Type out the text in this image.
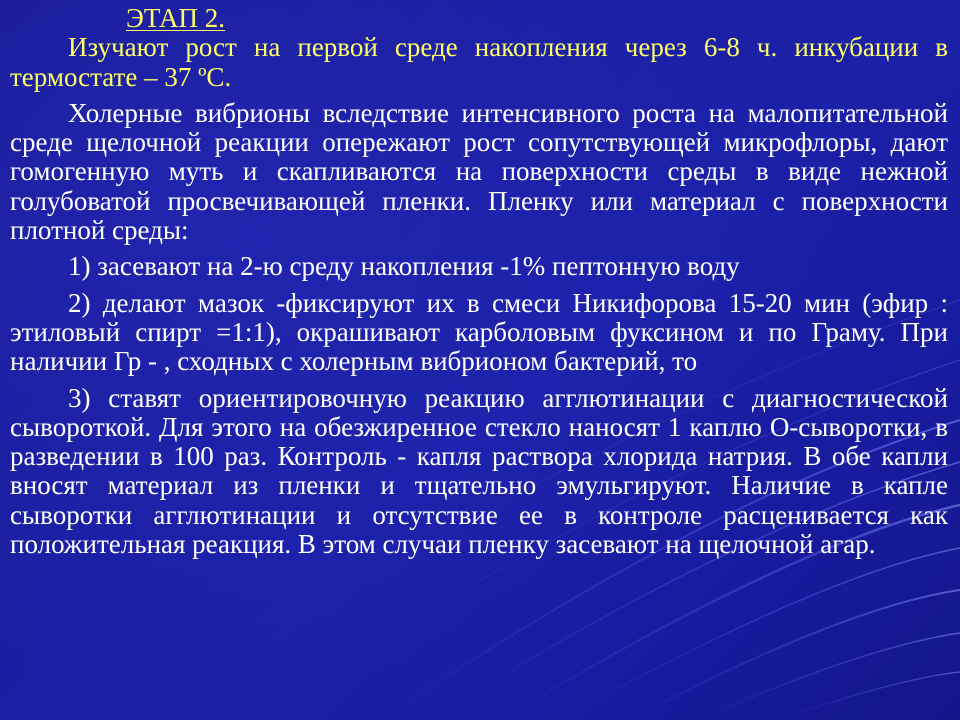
ЭТАП 2.

Изучают рост на первой среде накопления через 6-8 ч. инкубации в термостате – 37 ºС.

Холерные вибрионы вследствие интенсивного роста на малопитательной среде щелочной реакции опережают рост сопутствующей микрофлоры, дают гомогенную муть и скапливаются на поверхности среды в виде нежной голубоватой просвечивающей пленки. Пленку или материал с поверхности плотной среды:

1) засевают на 2-ю среду накопления -1% пептонную воду

2) делают мазок -фиксируют их в смеси Никифорова 15-20 мин (эфир : этиловый спирт =1:1), окрашивают карболовым фуксином и по Граму. При наличии Гр - , сходных с холерным вибрионом бактерий, то

3) ставят ориентировочную реакцию агглютинации с диагностической сывороткой. Для этого на обезжиренное стекло наносят 1 каплю О-сыворотки, в разведении в 100 раз. Контроль - капля раствора хлорида натрия. В обе капли вносят материал из пленки и тщательно эмульгируют. Наличие в капле сыворотки агглютинации и отсутствие ее в контроле расценивается как положительная реакция. В этом случаи пленку засевают на щелочной агар.
